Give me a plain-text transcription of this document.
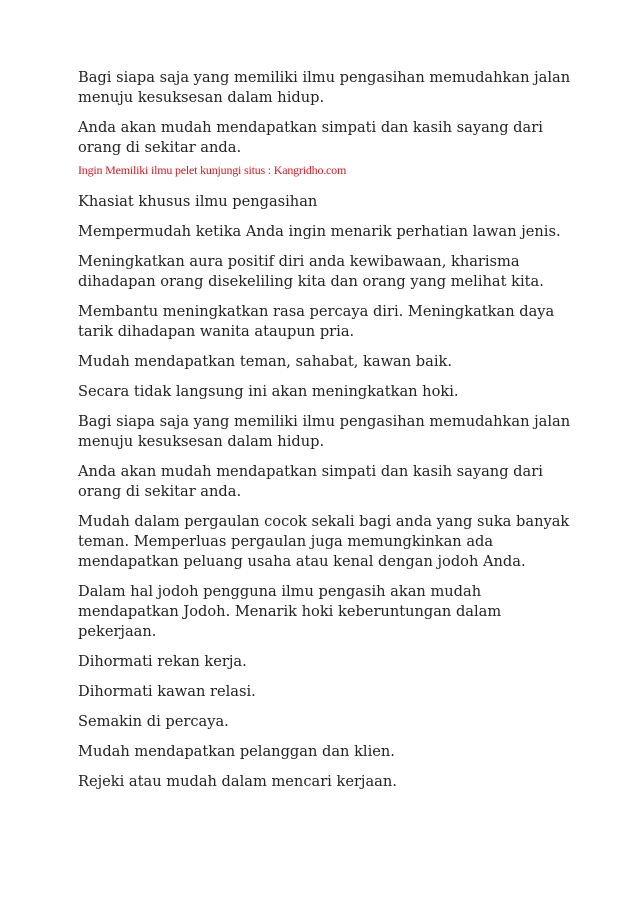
Bagi siapa saja yang memiliki ilmu pengasihan memudahkan jalan menuju kesuksesan dalam hidup.

Anda akan mudah mendapatkan simpati dan kasih sayang dari orang di sekitar anda.

Ingin Memiliki ilmu pelet kunjungi situs : Kangridho.com

Khasiat khusus ilmu pengasihan

Mempermudah ketika Anda ingin menarik perhatian lawan jenis.

Meningkatkan aura positif diri anda kewibawaan, kharisma dihadapan orang disekeliling kita dan orang yang melihat kita.

Membantu meningkatkan rasa percaya diri. Meningkatkan daya tarik dihadapan wanita ataupun pria.

Mudah mendapatkan teman, sahabat, kawan baik.

Secara tidak langsung ini akan meningkatkan hoki.

Bagi siapa saja yang memiliki ilmu pengasihan memudahkan jalan menuju kesuksesan dalam hidup.

Anda akan mudah mendapatkan simpati dan kasih sayang dari orang di sekitar anda.

Mudah dalam pergaulan cocok sekali bagi anda yang suka banyak teman. Memperluas pergaulan juga memungkinkan ada mendapatkan peluang usaha atau kenal dengan jodoh Anda.

Dalam hal jodoh pengguna ilmu pengasih akan mudah mendapatkan Jodoh. Menarik hoki keberuntungan dalam pekerjaan.

Dihormati rekan kerja.

Dihormati kawan relasi.

Semakin di percaya.

Mudah mendapatkan pelanggan dan klien.

Rejeki atau mudah dalam mencari kerjaan.
